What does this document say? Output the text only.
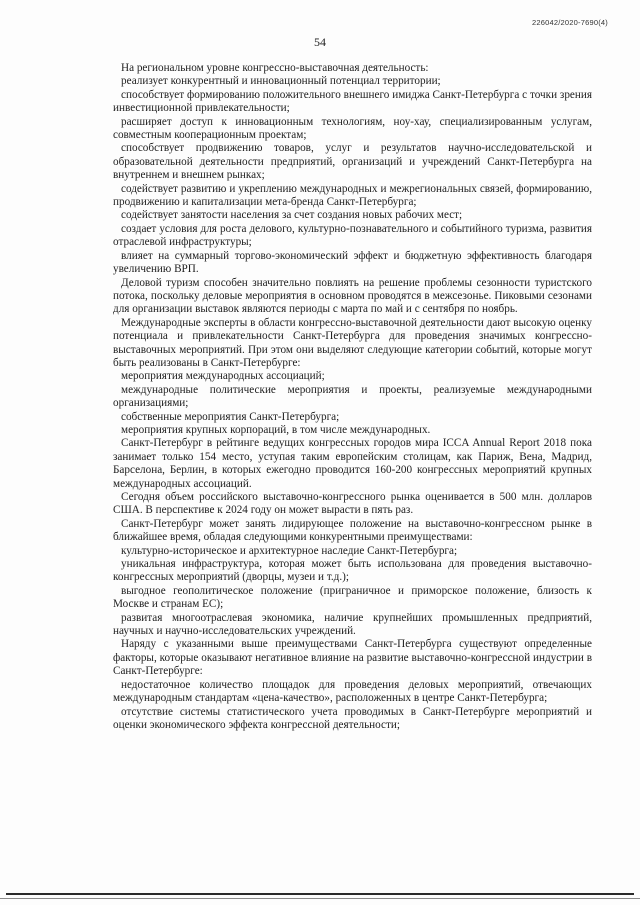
226042/2020-7690(4)
54

На региональном уровне конгрессно-выставочная деятельность:

реализует конкурентный и инновационный потенциал территории;

способствует формированию положительного внешнего имиджа Санкт-Петербурга с точки зрения инвестиционной привлекательности;

расширяет доступ к инновационным технологиям, ноу-хау, специализированным услугам, совместным кооперационным проектам;

способствует продвижению товаров, услуг и результатов научно-исследовательской и образовательной деятельности предприятий, организаций и учреждений Санкт-Петербурга на внутреннем и внешнем рынках;

содействует развитию и укреплению международных и межрегиональных связей, формированию, продвижению и капитализации мета-бренда Санкт-Петербурга;

содействует занятости населения за счет создания новых рабочих мест;

создает условия для роста делового, культурно-познавательного и событийного туризма, развития отраслевой инфраструктуры;

влияет на суммарный торгово-экономический эффект и бюджетную эффективность благодаря увеличению ВРП.

Деловой туризм способен значительно повлиять на решение проблемы сезонности туристского потока, поскольку деловые мероприятия в основном проводятся в межсезонье. Пиковыми сезонами для организации выставок являются периоды с марта по май и с сентября по ноябрь.

Международные эксперты в области конгрессно-выставочной деятельности дают высокую оценку потенциала и привлекательности Санкт-Петербурга для проведения значимых конгрессно-выставочных мероприятий. При этом они выделяют следующие категории событий, которые могут быть реализованы в Санкт-Петербурге:

мероприятия международных ассоциаций;

международные политические мероприятия и проекты, реализуемые международными организациями;

собственные мероприятия Санкт-Петербурга;

мероприятия крупных корпораций, в том числе международных.

Санкт-Петербург в рейтинге ведущих конгрессных городов мира ICCA Annual Report 2018 пока занимает только 154 место, уступая таким европейским столицам, как Париж, Вена, Мадрид, Барселона, Берлин, в которых ежегодно проводится 160-200 конгрессных мероприятий крупных международных ассоциаций.

Сегодня объем российского выставочно-конгрессного рынка оценивается в 500 млн. долларов США. В перспективе к 2024 году он может вырасти в пять раз.

Санкт-Петербург может занять лидирующее положение на выставочно-конгрессном рынке в ближайшее время, обладая следующими конкурентными преимуществами:

культурно-историческое и архитектурное наследие Санкт-Петербурга;

уникальная инфраструктура, которая может быть использована для проведения выставочно-конгрессных мероприятий (дворцы, музеи и т.д.);

выгодное геополитическое положение (приграничное и приморское положение, близость к Москве и странам ЕС);

развитая многоотраслевая экономика, наличие крупнейших промышленных предприятий, научных и научно-исследовательских учреждений.

Наряду с указанными выше преимуществами Санкт-Петербурга существуют определенные факторы, которые оказывают негативное влияние на развитие выставочно-конгрессной индустрии в Санкт-Петербурге:

недостаточное количество площадок для проведения деловых мероприятий, отвечающих международным стандартам «цена-качество», расположенных в центре Санкт-Петербурга;

отсутствие системы статистического учета проводимых в Санкт-Петербурге мероприятий и оценки экономического эффекта конгрессной деятельности;
